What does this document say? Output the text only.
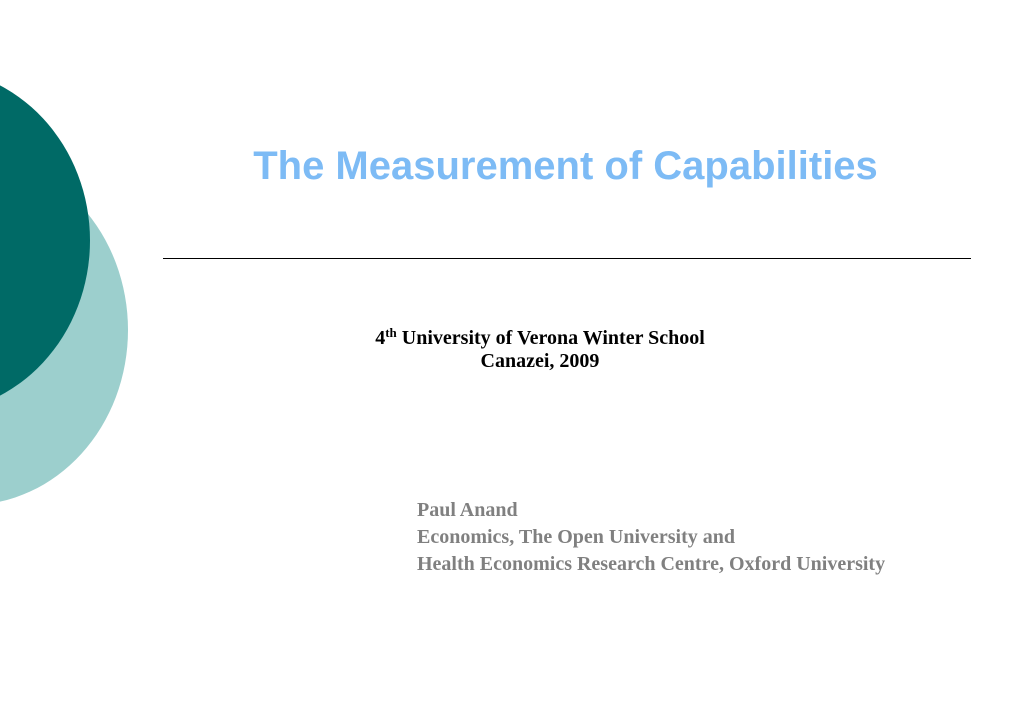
The Measurement of Capabilities
4th University of Verona Winter School
Canazei, 2009
Paul Anand
Economics, The Open University and
Health Economics Research Centre, Oxford University
